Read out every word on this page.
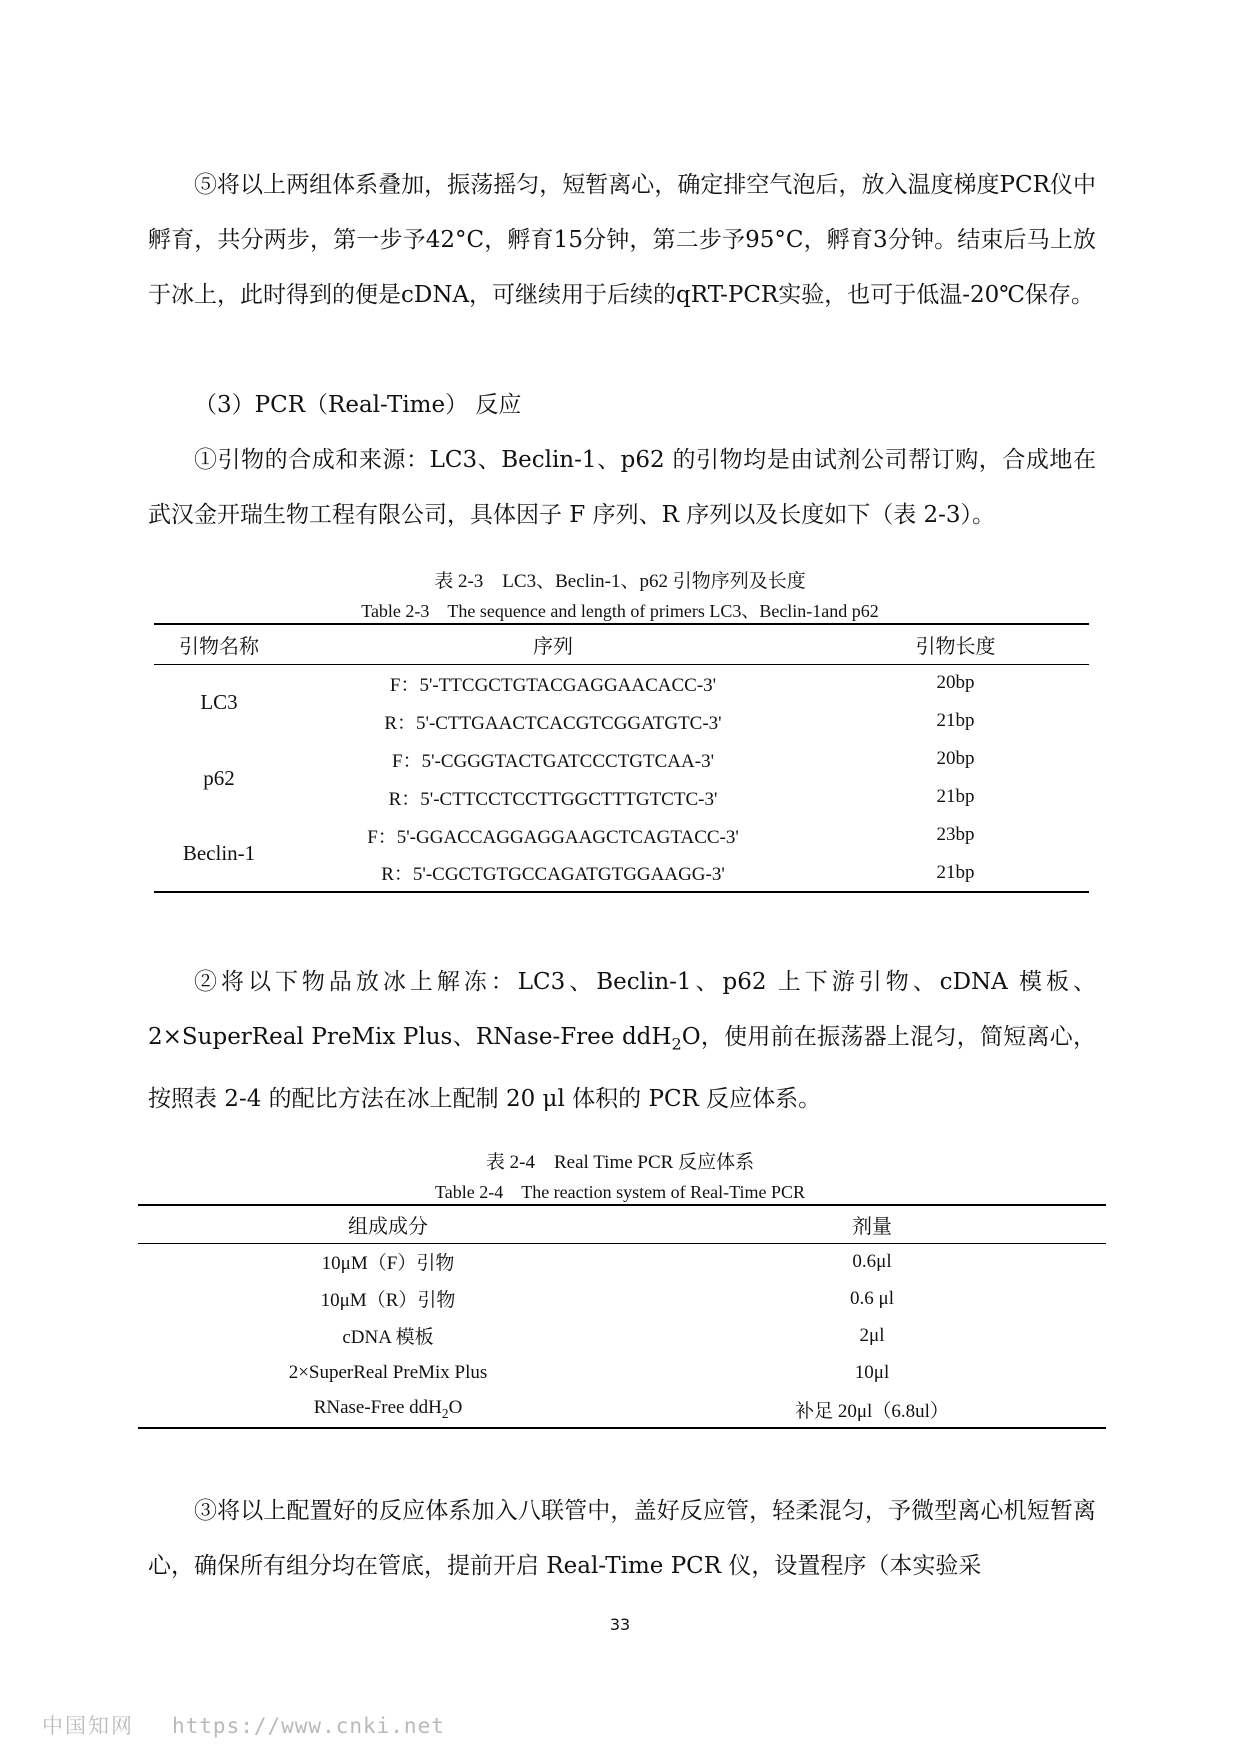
⑤将以上两组体系叠加，振荡摇匀，短暂离心，确定排空气泡后，放入温度梯度PCR仪中孵育，共分两步，第一步予42°C，孵育15分钟，第二步予95°C，孵育3分钟。结束后马上放于冰上，此时得到的便是cDNA，可继续用于后续的qRT-PCR实验，也可于低温-20℃保存。

（3）PCR（Real-Time） 反应

①引物的合成和来源：LC3、Beclin-1、p62 的引物均是由试剂公司帮订购，合成地在武汉金开瑞生物工程有限公司，具体因子 F 序列、R 序列以及长度如下（表 2-3）。

表 2-3　LC3、Beclin-1、p62 引物序列及长度
Table 2-3　The sequence and length of primers LC3、Beclin-1and p62
引物名称	序列	引物长度
LC3	F：5'-TTCGCTGTACGAGGAACACC-3'	20bp
	R：5'-CTTGAACTCACGTCGGATGTC-3'	21bp
p62	F：5'-CGGGTACTGATCCCTGTCAA-3'	20bp
	R：5'-CTTCCTCCTTGGCTTTGTCTC-3'	21bp
Beclin-1	F：5'-GGACCAGGAGGAAGCTCAGTACC-3'	23bp
	R：5'-CGCTGTGCCAGATGTGGAAGG-3'	21bp

②将以下物品放冰上解冻：LC3、Beclin-1、p62 上下游引物、cDNA 模板、2×SuperReal PreMix Plus、RNase-Free ddH$_2$O，使用前在振荡器上混匀，简短离心，按照表 2-4 的配比方法在冰上配制 20 μl 体积的 PCR 反应体系。

表 2-4　Real Time PCR 反应体系
Table 2-4　The reaction system of Real-Time PCR
组成成分	剂量
10μM（F）引物	0.6μl
10μM（R）引物	0.6 μl
cDNA 模板	2μl
2×SuperReal PreMix Plus	10μl
RNase-Free ddH$_2$O	补足 20μl（6.8ul）

③将以上配置好的反应体系加入八联管中，盖好反应管，轻柔混匀，予微型离心机短暂离心，确保所有组分均在管底，提前开启 Real-Time PCR 仪，设置程序（本实验采

33
中国知网 https://www.cnki.net
